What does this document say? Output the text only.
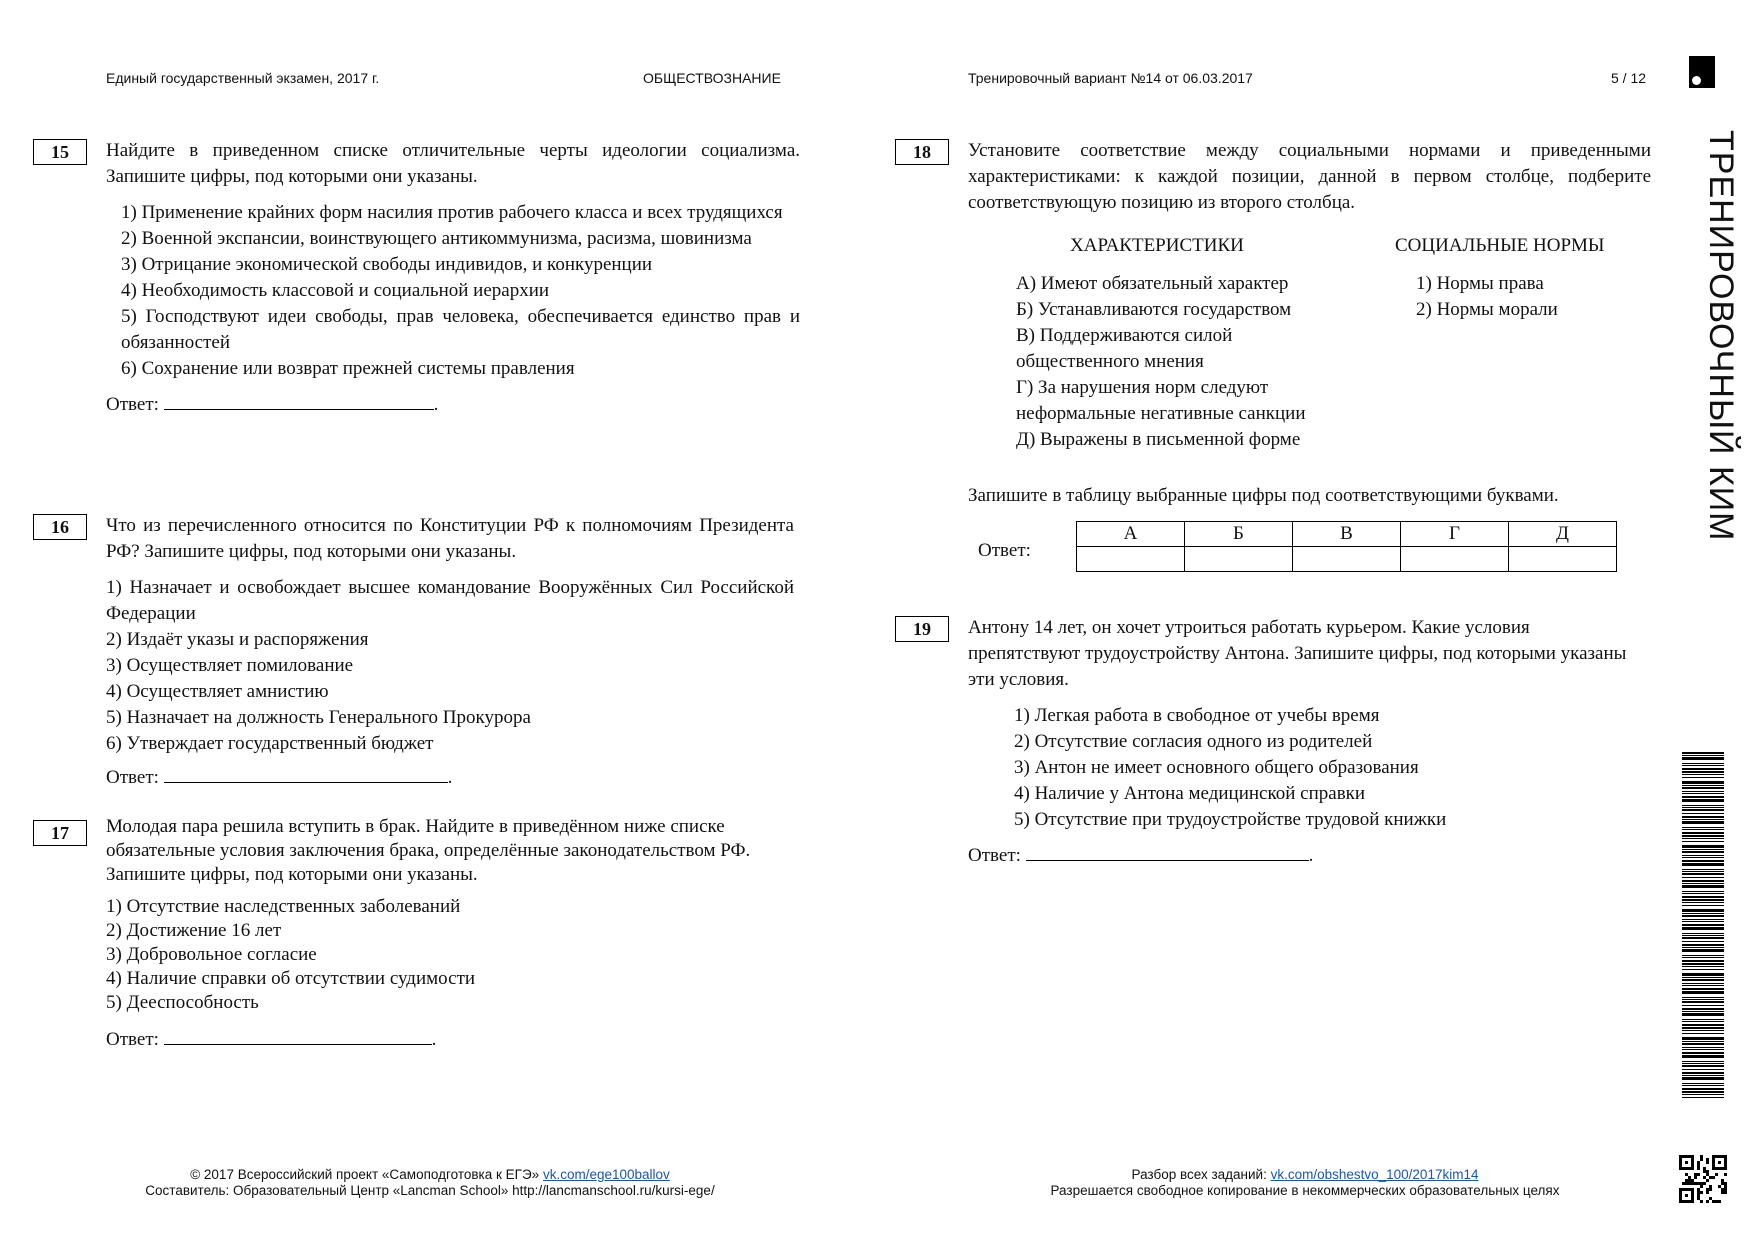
Единый государственный экзамен, 2017 г.	ОБЩЕСТВОЗНАНИЕ	Тренировочный вариант №14 от 06.03.2017	5 / 12
ТРЕНИРОВОЧНЫЙ КИМ
15	Найдите в приведенном списке отличительные черты идеологии социализма. Запишите цифры, под которыми они указаны.

1) Применение крайних форм насилия против рабочего класса и всех трудящихся
2) Военной экспансии, воинствующего антикоммунизма, расизма, шовинизма
3) Отрицание экономической свободы индивидов, и конкуренции
4) Необходимость классовой и социальной иерархии
5) Господствуют идеи свободы, прав человека, обеспечивается единство прав и обязанностей
6) Сохранение или возврат прежней системы правления
Ответ:	.
16	Что из перечисленного относится по Конституции РФ к полномочиям Президента РФ? Запишите цифры, под которыми они указаны.

1) Назначает и освобождает высшее командование Вооружённых Сил Российской Федерации
2) Издаёт указы и распоряжения
3) Осуществляет помилование
4) Осуществляет амнистию
5) Назначает на должность Генерального Прокурора
6) Утверждает государственный бюджет
Ответ:	.
17	Молодая пара решила вступить в брак. Найдите в приведённом ниже списке обязательные условия заключения брака, определённые законодательством РФ. Запишите цифры, под которыми они указаны.

1) Отсутствие наследственных заболеваний
2) Достижение 16 лет
3) Добровольное согласие
4) Наличие справки об отсутствии судимости
5) Дееспособность
Ответ:	.
18	Установите соответствие между социальными нормами и приведенными характеристиками: к каждой позиции, данной в первом столбце, подберите соответствующую позицию из второго столбца.

ХАРАКТЕРИСТИКИ	СОЦИАЛЬНЫЕ НОРМЫ
А) Имеют обязательный характер
Б) Устанавливаются государством
В) Поддерживаются силой общественного мнения
Г) За нарушения норм следуют неформальные негативные санкции
Д) Выражены в письменной форме
1) Нормы права
2) Нормы морали
Запишите в таблицу выбранные цифры под соответствующими буквами.
Ответ:
А	Б	В	Г	Д

19	Антону 14 лет, он хочет утроиться работать курьером. Какие условия препятствуют трудоустройству Антона. Запишите цифры, под которыми указаны эти условия.

1) Легкая работа в свободное от учебы время
2) Отсутствие согласия одного из родителей
3) Антон не имеет основного общего образования
4) Наличие у Антона медицинской справки
5) Отсутствие при трудоустройстве трудовой книжки
Ответ:	.
© 2017 Всероссийский проект «Самоподготовка к ЕГЭ» vk.com/ege100ballov
Составитель: Образовательный Центр «Lancman School» http://lancmanschool.ru/kursi-ege/
Разбор всех заданий: vk.com/obshestvo_100/2017kim14
Разрешается свободное копирование в некоммерческих образовательных целях
